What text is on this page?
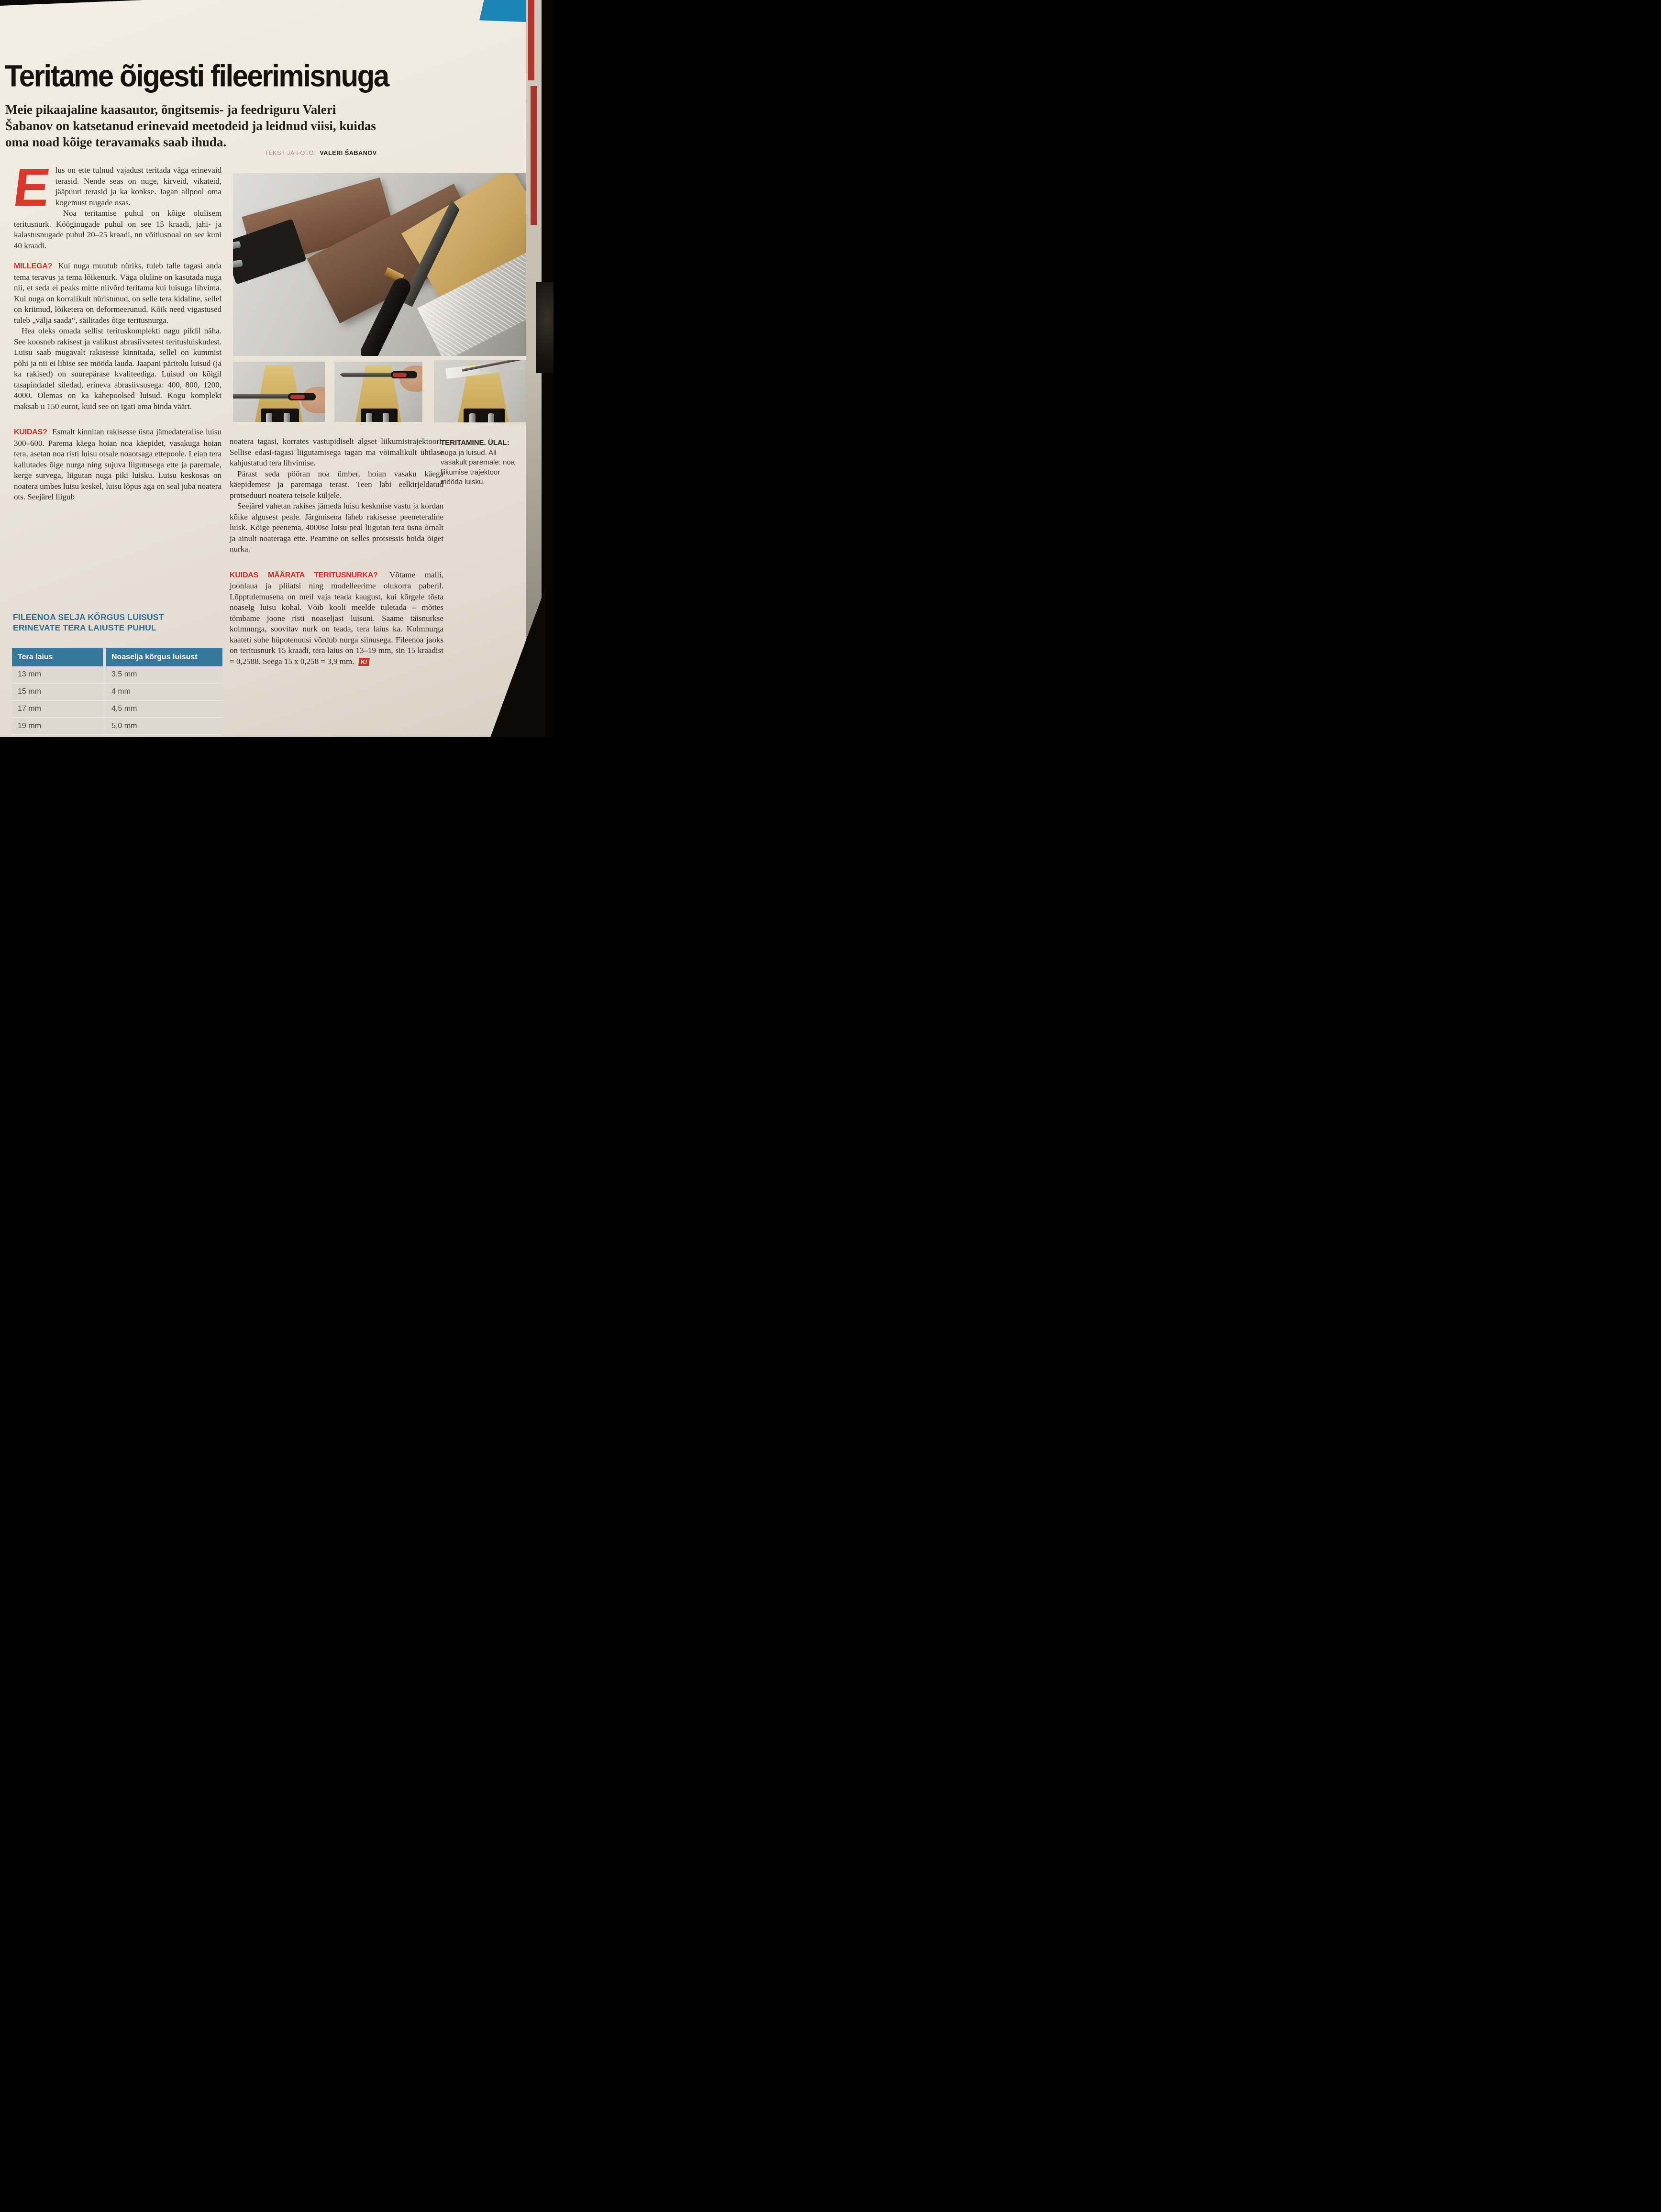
Teritame õigesti fileerimisnuga

Meie pikaajaline kaasautor, õngitsemis- ja feedriguru Valeri Šabanov on katsetanud erinevaid meetodeid ja leidnud viisi, kuidas oma noad kõige teravamaks saab ihuda.

TEKST JA FOTO: VALERI ŠABANOV

E lus on ette tulnud vajadust teritada väga erinevaid terasid. Nende seas on nuge, kirveid, vikateid, jääpuuri terasid ja ka konkse. Jagan allpool oma kogemust nugade osas.

Noa teritamise puhul on kõige olulisem teritusnurk. Kööginugade puhul on see 15 kraadi, jahi- ja kalastusnugade puhul 20–25 kraadi, nn võitlusnoal on see kuni 40 kraadi.

MILLEGA? Kui nuga muutub nüriks, tuleb talle tagasi anda tema teravus ja tema lõikenurk. Väga oluline on kasutada nuga nii, et seda ei peaks mitte niivõrd teritama kui luisuga lihvima. Kui nuga on korralikult nüristunud, on selle tera kidaline, sellel on kriimud, lõiketera on deformeerunud. Kõik need vigastused tuleb „välja saada“, säilitades õige teritusnurga.

Hea oleks omada sellist terituskomplekti nagu pildil näha. See koosneb rakisest ja valikust abrasiivsetest teritusluiskudest. Luisu saab mugavalt rakisesse kinnitada, sellel on kummist põhi ja nii ei libise see mööda lauda. Jaapani päritolu luisud (ja ka rakised) on suurepärase kvaliteediga. Luisud on kõigil tasapindadel siledad, erineva abrasiivsusega: 400, 800, 1200, 4000. Olemas on ka kahepoolsed luisud. Kogu komplekt maksab u 150 eurot, kuid see on igati oma hinda väärt.

KUIDAS? Esmalt kinnitan rakisesse üsna jämedateralise luisu 300–600. Parema käega hoian noa käepidet, vasakuga hoian tera, asetan noa risti luisu otsale noaotsaga ettepoole. Leian tera kallutades õige nurga ning sujuva liigutusega ette ja paremale, kerge survega, liigutan nuga piki luisku. Luisu keskosas on noatera umbes luisu keskel, luisu lõpus aga on seal juba noatera ots. Seejärel liigub

TERITAMINE. ÜLAL: nuga ja luisud. All vasakult paremale: noa liikumise trajektoor mööda luisku.

noatera tagasi, korrates vastupidiselt algset liikumistrajektoori. Sellise edasi-tagasi liigutamisega tagan ma võimalikult ühtlase kahjustatud tera lihvimise.

Pärast seda pööran noa ümber, hoian vasaku käega käepidemest ja paremaga terast. Teen läbi eelkirjeldatud protseduuri noatera teisele küljele.

Seejärel vahetan rakises jämeda luisu keskmise vastu ja kordan kõike algusest peale. Järgmisena läheb rakisesse peeneteraline luisk. Kõige peenema, 4000se luisu peal liigutan tera üsna õrnalt ja ainult noateraga ette. Peamine on selles protsessis hoida õiget nurka.

KUIDAS MÄÄRATA TERITUSNURKA? Võtame malli, joonlaua ja pliiatsi ning modelleerime olukorra paberil. Lõpptulemusena on meil vaja teada kaugust, kui kõrgele tõsta noaselg luisu kohal. Võib kooli meelde tuletada – mõttes tõmbame joone risti noaseljast luisuni. Saame täisnurkse kolmnurga, soovitav nurk on teada, tera laius ka. Kolmnurga kaateti suhe hüpotenuusi võrdub nurga siinusega. Fileenoa jaoks on teritusnurk 15 kraadi, tera laius on 13–19 mm, sin 15 kraadist = 0,2588. Seega 15 x 0,258 = 3,9 mm. K!

FILEENOA SELJA KÕRGUS LUISUST
ERINEVATE TERA LAIUSTE PUHUL

Tera laius		Noaselja kõrgus luisust
13 mm		3,5 mm
15 mm		4 mm
17 mm		4,5 mm
19 mm		5,0 mm
